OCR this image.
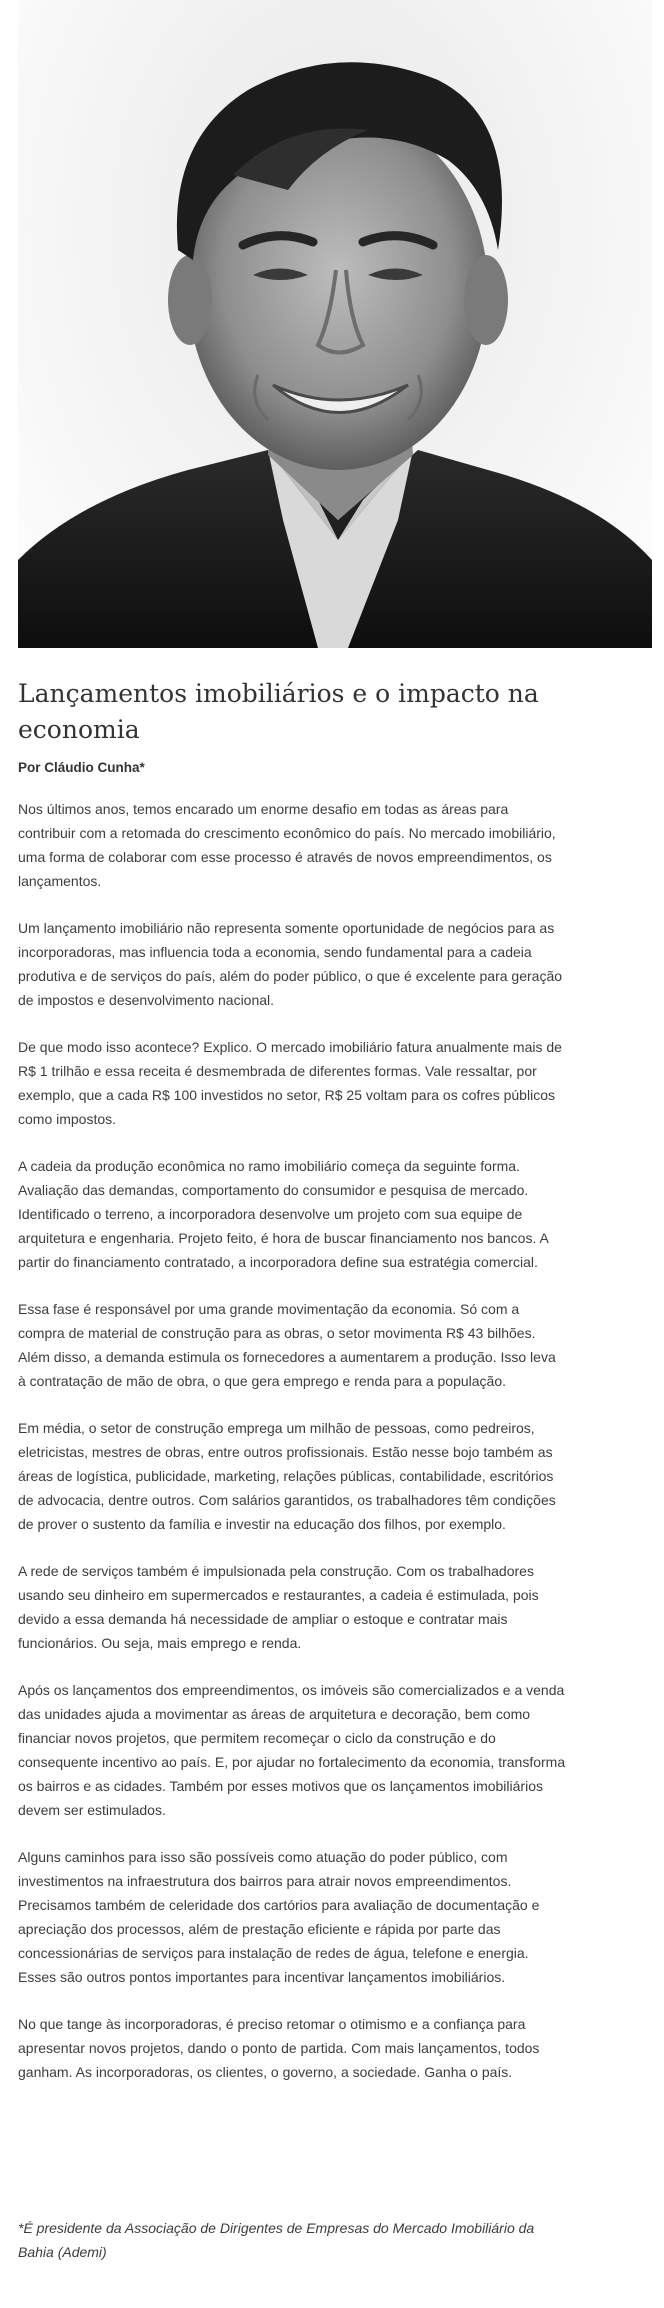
Lançamentos imobiliários e o impacto na economia

Por Cláudio Cunha*

Nos últimos anos, temos encarado um enorme desafio em todas as áreas para contribuir com a retomada do crescimento econômico do país. No mercado imobiliário, uma forma de colaborar com esse processo é através de novos empreendimentos, os lançamentos.

Um lançamento imobiliário não representa somente oportunidade de negócios para as incorporadoras, mas influencia toda a economia, sendo fundamental para a cadeia produtiva e de serviços do país, além do poder público, o que é excelente para geração de impostos e desenvolvimento nacional.

De que modo isso acontece? Explico. O mercado imobiliário fatura anualmente mais de R$ 1 trilhão e essa receita é desmembrada de diferentes formas. Vale ressaltar, por exemplo, que a cada R$ 100 investidos no setor, R$ 25 voltam para os cofres públicos como impostos.

A cadeia da produção econômica no ramo imobiliário começa da seguinte forma. Avaliação das demandas, comportamento do consumidor e pesquisa de mercado. Identificado o terreno, a incorporadora desenvolve um projeto com sua equipe de arquitetura e engenharia. Projeto feito, é hora de buscar financiamento nos bancos. A partir do financiamento contratado, a incorporadora define sua estratégia comercial.

Essa fase é responsável por uma grande movimentação da economia. Só com a compra de material de construção para as obras, o setor movimenta R$ 43 bilhões. Além disso, a demanda estimula os fornecedores a aumentarem a produção. Isso leva à contratação de mão de obra, o que gera emprego e renda para a população.

Em média, o setor de construção emprega um milhão de pessoas, como pedreiros, eletricistas, mestres de obras, entre outros profissionais. Estão nesse bojo também as áreas de logística, publicidade, marketing, relações públicas, contabilidade, escritórios de advocacia, dentre outros. Com salários garantidos, os trabalhadores têm condições de prover o sustento da família e investir na educação dos filhos, por exemplo.

A rede de serviços também é impulsionada pela construção. Com os trabalhadores usando seu dinheiro em supermercados e restaurantes, a cadeia é estimulada, pois devido a essa demanda há necessidade de ampliar o estoque e contratar mais funcionários. Ou seja, mais emprego e renda.

Após os lançamentos dos empreendimentos, os imóveis são comercializados e a venda das unidades ajuda a movimentar as áreas de arquitetura e decoração, bem como financiar novos projetos, que permitem recomeçar o ciclo da construção e do consequente incentivo ao país. E, por ajudar no fortalecimento da economia, transforma os bairros e as cidades. Também por esses motivos que os lançamentos imobiliários devem ser estimulados.

Alguns caminhos para isso são possíveis como atuação do poder público, com investimentos na infraestrutura dos bairros para atrair novos empreendimentos. Precisamos também de celeridade dos cartórios para avaliação de documentação e apreciação dos processos, além de prestação eficiente e rápida por parte das concessionárias de serviços para instalação de redes de água, telefone e energia. Esses são outros pontos importantes para incentivar lançamentos imobiliários.

No que tange às incorporadoras, é preciso retomar o otimismo e a confiança para apresentar novos projetos, dando o ponto de partida. Com mais lançamentos, todos ganham. As incorporadoras, os clientes, o governo, a sociedade. Ganha o país.

*É presidente da Associação de Dirigentes de Empresas do Mercado Imobiliário da Bahia (Ademi)
